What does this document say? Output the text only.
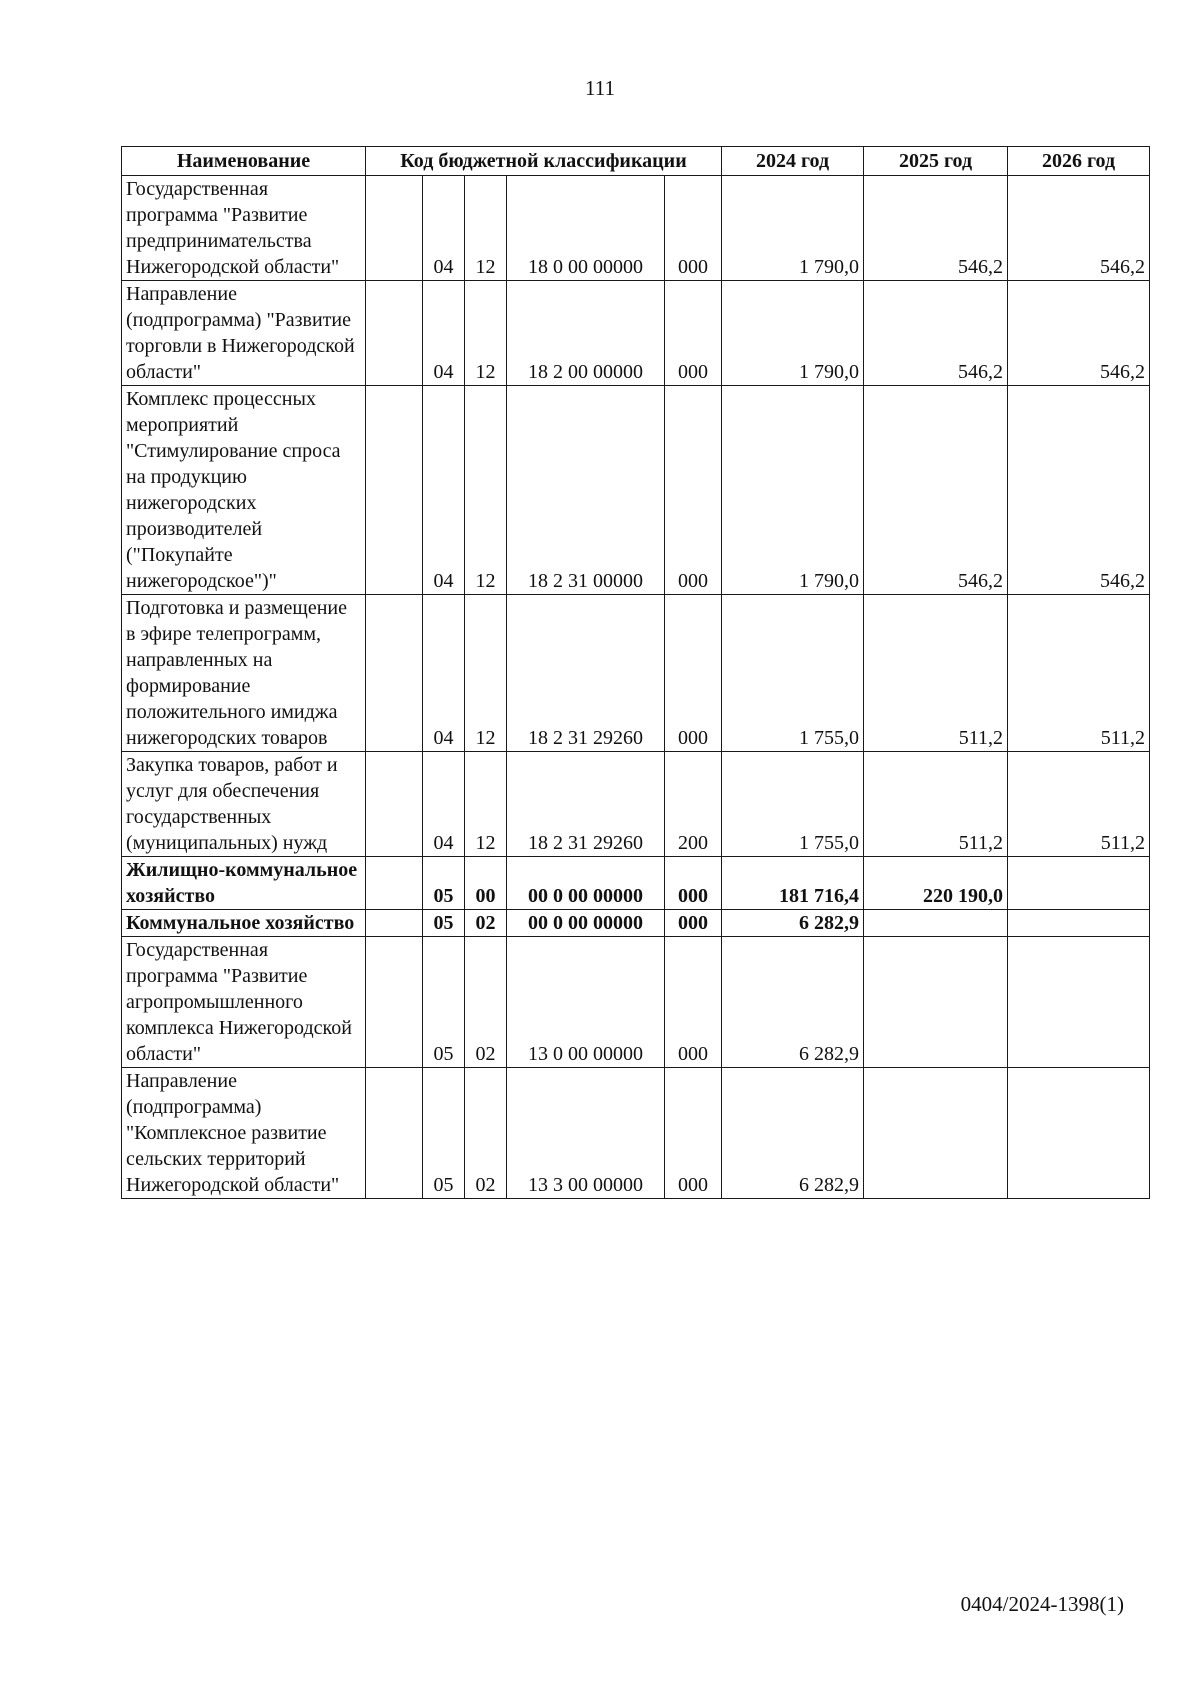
111
Наименование	Код бюджетной классификации					2024 год	2025 год	2026 год
Государственная программа "Развитие предпринимательства Нижегородской области"		04	12	18 0 00 00000	000	1 790,0	546,2	546,2
Направление (подпрограмма) "Развитие торговли в Нижегородской области"		04	12	18 2 00 00000	000	1 790,0	546,2	546,2
Комплекс процессных мероприятий "Стимулирование спроса на продукцию нижегородских производителей ("Покупайте нижегородское")"		04	12	18 2 31 00000	000	1 790,0	546,2	546,2
Подготовка и размещение в эфире телепрограмм, направленных на формирование положительного имиджа нижегородских товаров		04	12	18 2 31 29260	000	1 755,0	511,2	511,2
Закупка товаров, работ и услуг для обеспечения государственных (муниципальных) нужд		04	12	18 2 31 29260	200	1 755,0	511,2	511,2
Жилищно-коммунальное хозяйство		05	00	00 0 00 00000	000	181 716,4	220 190,0	
Коммунальное хозяйство		05	02	00 0 00 00000	000	6 282,9		
Государственная программа "Развитие агропромышленного комплекса Нижегородской области"		05	02	13 0 00 00000	000	6 282,9		
Направление (подпрограмма) "Комплексное развитие сельских территорий Нижегородской области"		05	02	13 3 00 00000	000	6 282,9		
0404/2024-1398(1)
